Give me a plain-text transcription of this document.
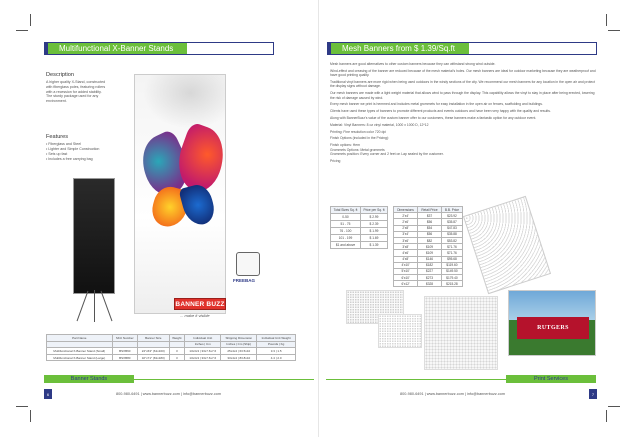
Multifunctional X-Banner Stands
Description
A higher quality X-Stand, constructed with fiberglass poles, featuring rollers with a recession for added stability. The sturdy package used for any environment.
Features
• Fiberglass and Steel
• Lighter and Simple Construction
• Sets up fast
• Includes a free carrying bag
BANNER BUZZ
... make it visible
FREEBAG
Part Name	SKU Number	Banner Size	Weight	Individual Unit	Shipping Dimension	Individual Unit Weight
				Inches | Cm	Inches | Cm (Ship)	Pounds | Kg
Multifunctional X-Banner Stand (Small)	BSXB60	24"x63" (61x160)	3	13x3x3 | 33x7.6x7.6	25x4x4 | 63.5x10	3.3 | 1.5
Multifunctional X-Banner Stand (Large)	BSXB80	32"x71" (81x180)	3	13x3x3 | 33x7.6x7.6	33x4x4 | 83.8x10	4.4 | 2.0
Mesh Banners from $ 1.39/Sq.ft

Mesh banners are good alternatives to other custom banners because they can withstand strong wind outside.

Wind-effect and creasing of the banner are reduced because of the mesh material's holes. Our mesh banners are ideal for outdoor marketing because they are weatherproof and have good printing quality.

Traditional vinyl banners are more rigid when being used outdoors in the windy sections of the city. We recommend our mesh banners for any location in the open air and protect the display signs without damage.

Our mesh banners are made with a light weight material that allows wind to pass through the display. This capability allows the vinyl to stay in place after being erected, lowering the risk of damage caused by wind.

Every mesh banner we print is hemmed and includes metal grommets for easy installation in the open air on fences, scaffolding and buildings.

Clients have used these types of banners to promote different products and events outdoors and have been very happy with the quality and results.

Along with BannerBuzz's value of the custom banner offer to our customers, these banners make a fantastic option for any outdoor event.

Material: Vinyl Banners: 8 oz vinyl material, 1000 x 1000 D, 12*12

Printing: Fine resolution color 720 dpi

Finish Options (included in the Pricing):

Finish options: Hem

Grommets Options: Metal grommets

Grommets position: Every corner and 2 feet on Lap sealed by the customer.

Pricing

Total Sizes Sq. ft	Price per Sq. ft
0-50	$ 2.99
51 - 75	$ 2.39
76 - 100	$ 1.99
101 - 199	$ 1.69
$1 and above	$ 1.39
Dimensions	Retail Price	B.B. Price
2'x4'	$37	$23.92
2'x6'	$56	$35.87
2'x8'	$54	$47.83
3'x4'	$56	$35.88
3'x6'	$82	$53.82
3'x8'	$109	$71.76
4'x6'	$109	$71.76
4'x8'	$146	$95.68
4'x10'	$182	$119.60
5'x10'	$227	$149.50
6'x10'	$273	$179.40
6'x12'	$328	$215.28
RUTGERS
Banner Stands	Print Services
6	800-980-6491 | www.bannerbuzz.com | info@bannerbuzz.com	800-980-6491 | www.bannerbuzz.com | info@bannerbuzz.com	7
